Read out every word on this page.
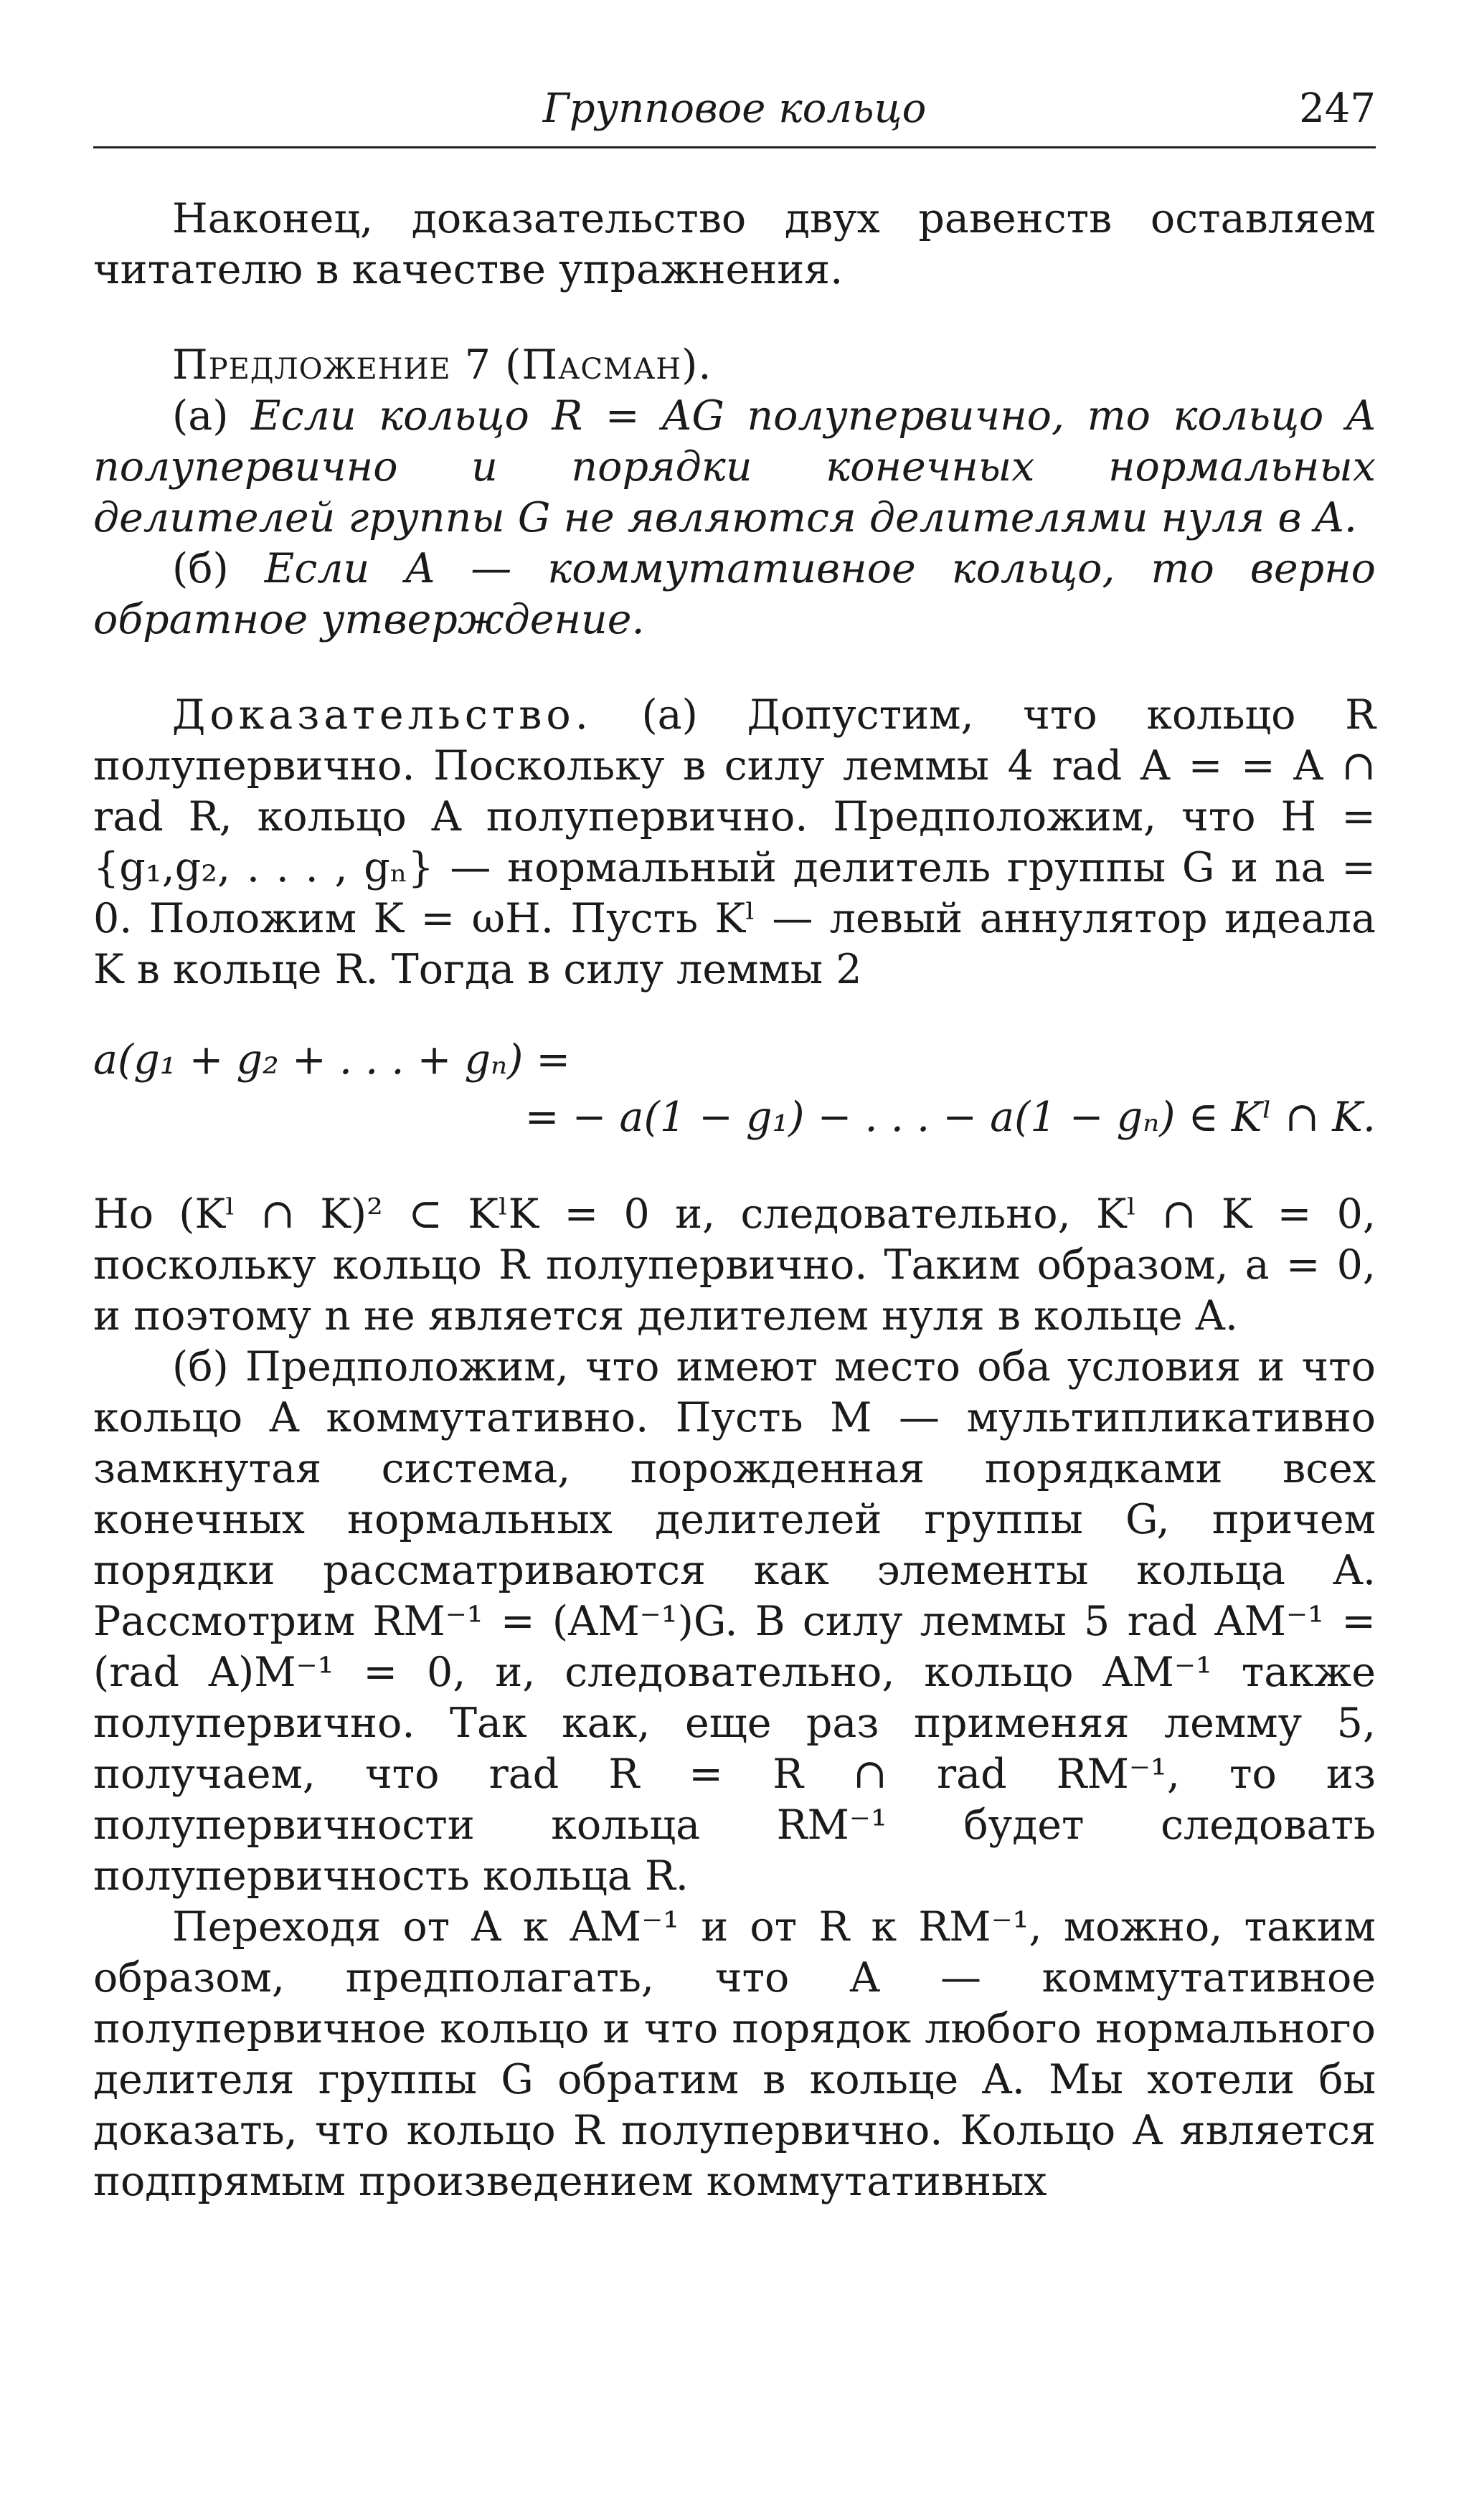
Групповое кольцо	247

Наконец, доказательство двух равенств оставляем читателю в качестве упражнения.

Предложение 7 (Пасман).

(а) Если кольцо R = AG полупервично, то кольцо A полупервично и порядки конечных нормальных делителей группы G не являются делителями нуля в A.

(б) Если A — коммутативное кольцо, то верно обратное утверждение.

Доказательство. (а) Допустим, что кольцо R полупервично. Поскольку в силу леммы 4 rad A = = A ∩ rad R, кольцо A полупервично. Предположим, что H = {g₁,g₂, . . . , gₙ} — нормальный делитель группы G и na = 0. Положим K = ωH. Пусть Kˡ — левый аннулятор идеала K в кольце R. Тогда в силу леммы 2

a(g₁ + g₂ + . . . + gₙ) =
= − a(1 − g₁) − . . . − a(1 − gₙ) ∈ Kˡ ∩ K.

Но (Kˡ ∩ K)² ⊂ KˡK = 0 и, следовательно, Kˡ ∩ K = 0, поскольку кольцо R полупервично. Таким образом, a = 0, и поэтому n не является делителем нуля в кольце A.

(б) Предположим, что имеют место оба условия и что кольцо A коммутативно. Пусть M — мультипликативно замкнутая система, порожденная порядками всех конечных нормальных делителей группы G, причем порядки рассматриваются как элементы кольца A. Рассмотрим RM⁻¹ = (AM⁻¹)G. В силу леммы 5 rad AM⁻¹ = (rad A)M⁻¹ = 0, и, следовательно, кольцо AM⁻¹ также полупервично. Так как, еще раз применяя лемму 5, получаем, что rad R = R ∩ rad RM⁻¹, то из полупервичности кольца RM⁻¹ будет следовать полупервичность кольца R.

Переходя от A к AM⁻¹ и от R к RM⁻¹, можно, таким образом, предполагать, что A — коммутативное полупервичное кольцо и что порядок любого нормального делителя группы G обратим в кольце A. Мы хотели бы доказать, что кольцо R полупервично. Кольцо A является подпрямым произведением коммутативных
